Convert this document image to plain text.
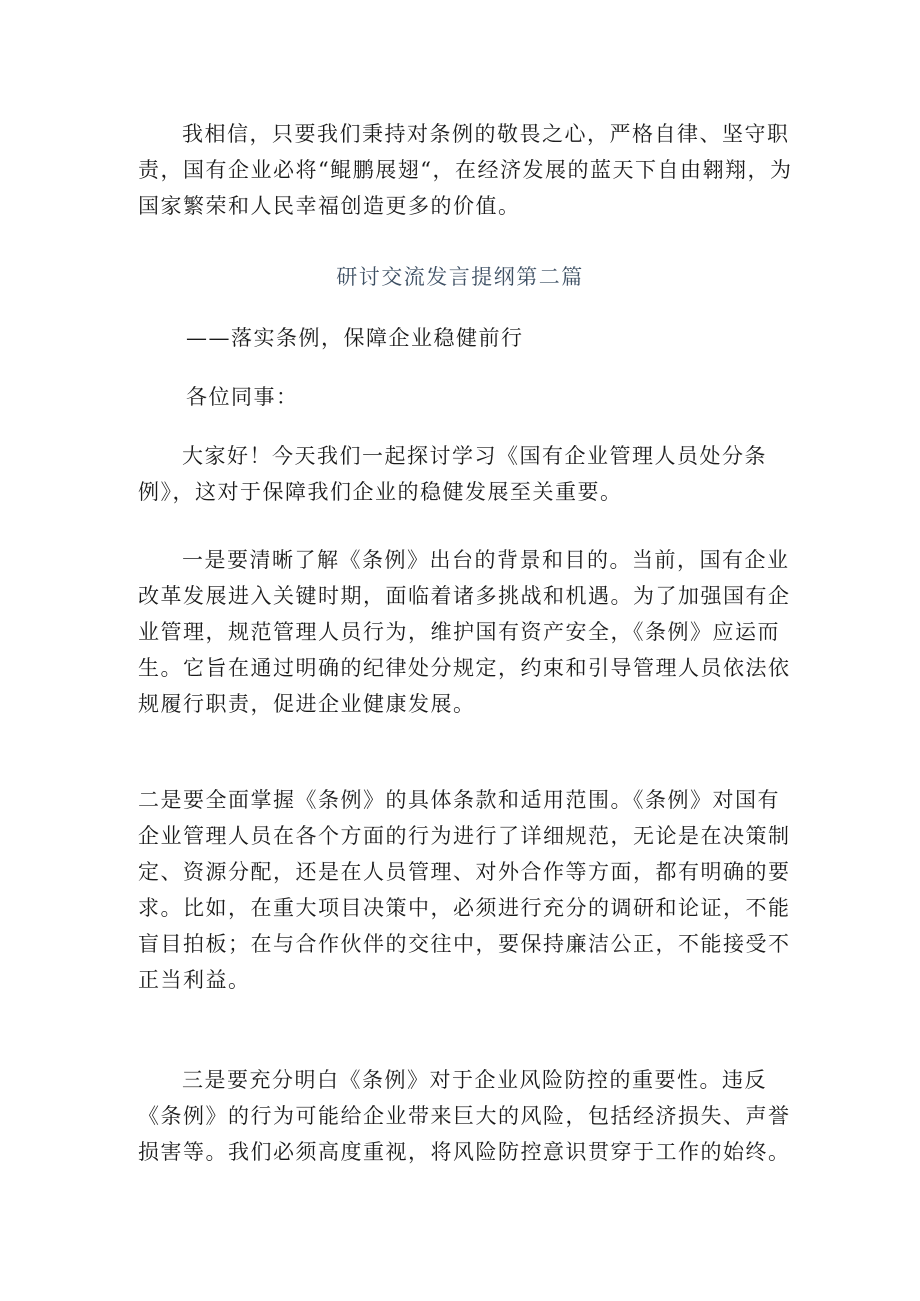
我相信，只要我们秉持对条例的敬畏之心，严格自律、坚守职责，国有企业必将“鲲鹏展翅“，在经济发展的蓝天下自由翱翔，为国家繁荣和人民幸福创造更多的价值。

研讨交流发言提纲第二篇

——落实条例，保障企业稳健前行

各位同事：

大家好！今天我们一起探讨学习《国有企业管理人员处分条例》，这对于保障我们企业的稳健发展至关重要。

一是要清晰了解《条例》出台的背景和目的。当前，国有企业改革发展进入关键时期，面临着诸多挑战和机遇。为了加强国有企业管理，规范管理人员行为，维护国有资产安全，《条例》应运而生。它旨在通过明确的纪律处分规定，约束和引导管理人员依法依规履行职责，促进企业健康发展。

二是要全面掌握《条例》的具体条款和适用范围。《条例》对国有企业管理人员在各个方面的行为进行了详细规范，无论是在决策制定、资源分配，还是在人员管理、对外合作等方面，都有明确的要求。比如，在重大项目决策中，必须进行充分的调研和论证，不能盲目拍板；在与合作伙伴的交往中，要保持廉洁公正，不能接受不正当利益。

三是要充分明白《条例》对于企业风险防控的重要性。违反《条例》的行为可能给企业带来巨大的风险，包括经济损失、声誉损害等。我们必须高度重视，将风险防控意识贯穿于工作的始终。
